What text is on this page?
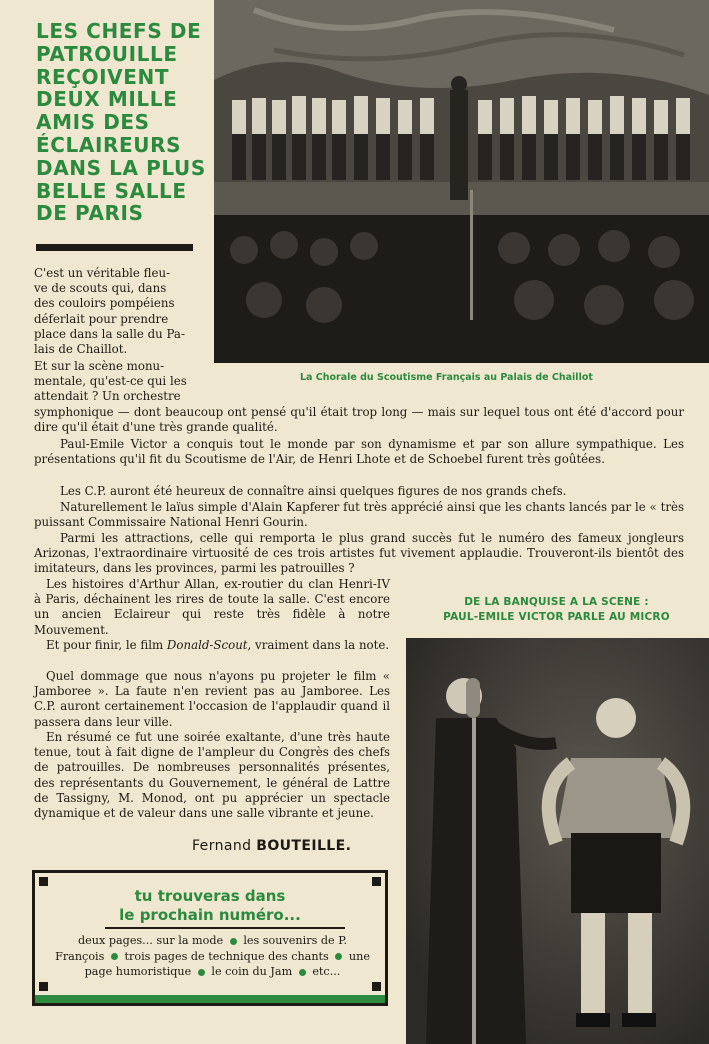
LES CHEFS DE
PATROUILLE
REÇOIVENT
DEUX MILLE
AMIS DES
ÉCLAIREURS
DANS LA PLUS
BELLE SALLE
DE PARIS

La Chorale du Scoutisme Français au Palais de Chaillot

DE LA BANQUISE A LA SCENE :
PAUL-EMILE VICTOR PARLE AU MICRO

C'est un véritable fleu-
ve de scouts qui, dans
des couloirs pompéiens
déferlait pour prendre
place dans la salle du Pa-
lais de Chaillot.

Et sur la scène monu-
mentale, qu'est-ce qui les
attendait ? Un orchestre

symphonique — dont beaucoup ont pensé qu'il était trop long — mais sur lequel tous ont été d'accord pour dire qu'il était d'une très grande qualité.

Paul-Emile Victor a conquis tout le monde par son dynamisme et par son allure sympathique. Les présentations qu'il fit du Scoutisme de l'Air, de Henri Lhote et de Schoebel furent très goûtées.

Les C.P. auront été heureux de connaître ainsi quelques figures de nos grands chefs.

Naturellement le laïus simple d'Alain Kapferer fut très apprécié ainsi que les chants lancés par le « très puissant Commissaire National Henri Gourin.

Parmi les attractions, celle qui remporta le plus grand succès fut le numéro des fameux jongleurs Arizonas, l'extraordinaire virtuosité de ces trois artistes fut vivement applaudie. Trouveront-ils bientôt des imitateurs, dans les provinces, parmi les patrouilles ?

Les histoires d'Arthur Allan, ex-routier du clan Henri-IV à Paris, déchainent les rires de toute la salle. C'est encore un ancien Eclaireur qui reste très fidèle à notre Mouvement.

Et pour finir, le film Donald-Scout, vraiment dans la note.

Quel dommage que nous n'ayons pu projeter le film « Jamboree ». La faute n'en revient pas au Jamboree. Les C.P. auront certainement l'occasion de l'applaudir quand il passera dans leur ville.

En résumé ce fut une soirée exaltante, d'une très haute tenue, tout à fait digne de l'ampleur du Congrès des chefs de patrouilles. De nombreuses personnalités présentes, des représentants du Gouvernement, le général de Lattre de Tassigny, M. Monod, ont pu apprécier un spectacle dynamique et de valeur dans une salle vibrante et jeune.

Fernand BOUTEILLE.

tu trouveras dans
le prochain numéro...

deux pages... sur la mode les souvenirs de P. François trois pages de technique des chants une page humoristique le coin du Jam etc...
